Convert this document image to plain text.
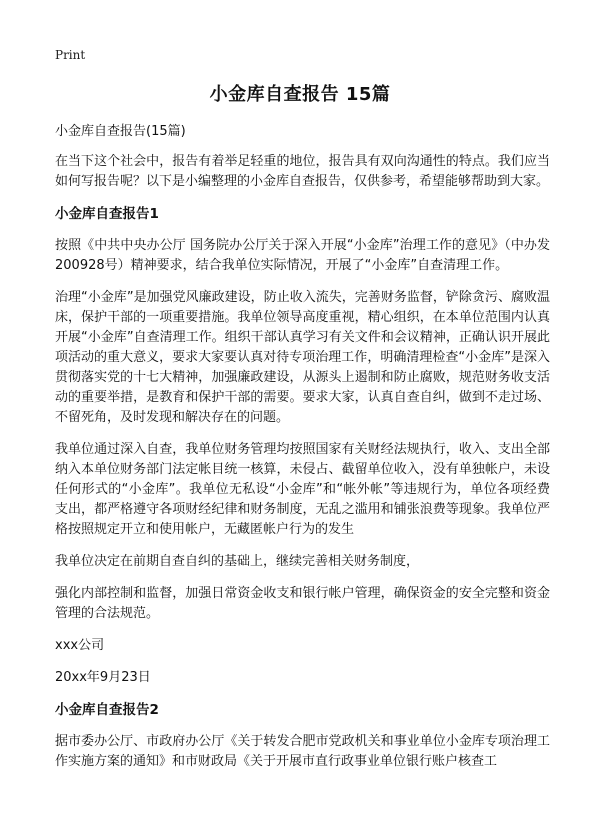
Print
小金库自查报告 15篇

小金库自查报告(15篇)

在当下这个社会中，报告有着举足轻重的地位，报告具有双向沟通性的特点。我们应当如何写报告呢？以下是小编整理的小金库自查报告，仅供参考，希望能够帮助到大家。

小金库自查报告1

按照《中共中央办公厅 国务院办公厅关于深入开展“小金库”治理工作的意见》（中办发200928号）精神要求，结合我单位实际情况，开展了“小金库”自查清理工作。

治理“小金库”是加强党风廉政建设，防止收入流失，完善财务监督，铲除贪污、腐败温床，保护干部的一项重要措施。我单位领导高度重视，精心组织，在本单位范围内认真开展“小金库”自查清理工作。组织干部认真学习有关文件和会议精神，正确认识开展此项活动的重大意义，要求大家要认真对待专项治理工作，明确清理检查“小金库”是深入贯彻落实党的十七大精神，加强廉政建设，从源头上遏制和防止腐败，规范财务收支活动的重要举措，是教育和保护干部的需要。要求大家，认真自查自纠，做到不走过场、不留死角，及时发现和解决存在的问题。

我单位通过深入自查，我单位财务管理均按照国家有关财经法规执行，收入、支出全部纳入本单位财务部门法定帐目统一核算，未侵占、截留单位收入，没有单独帐户，未设任何形式的“小金库”。我单位无私设“小金库”和“帐外帐”等违规行为，单位各项经费支出，都严格遵守各项财经纪律和财务制度，无乱之滥用和铺张浪费等现象。我单位严格按照规定开立和使用帐户，无藏匿帐户行为的发生

我单位决定在前期自查自纠的基础上，继续完善相关财务制度，

强化内部控制和监督，加强日常资金收支和银行帐户管理，确保资金的安全完整和资金管理的合法规范。

xxx公司

20xx年9月23日

小金库自查报告2

据市委办公厅、市政府办公厅《关于转发合肥市党政机关和事业单位小金库专项治理工作实施方案的通知》和市财政局《关于开展市直行政事业单位银行账户核查工
